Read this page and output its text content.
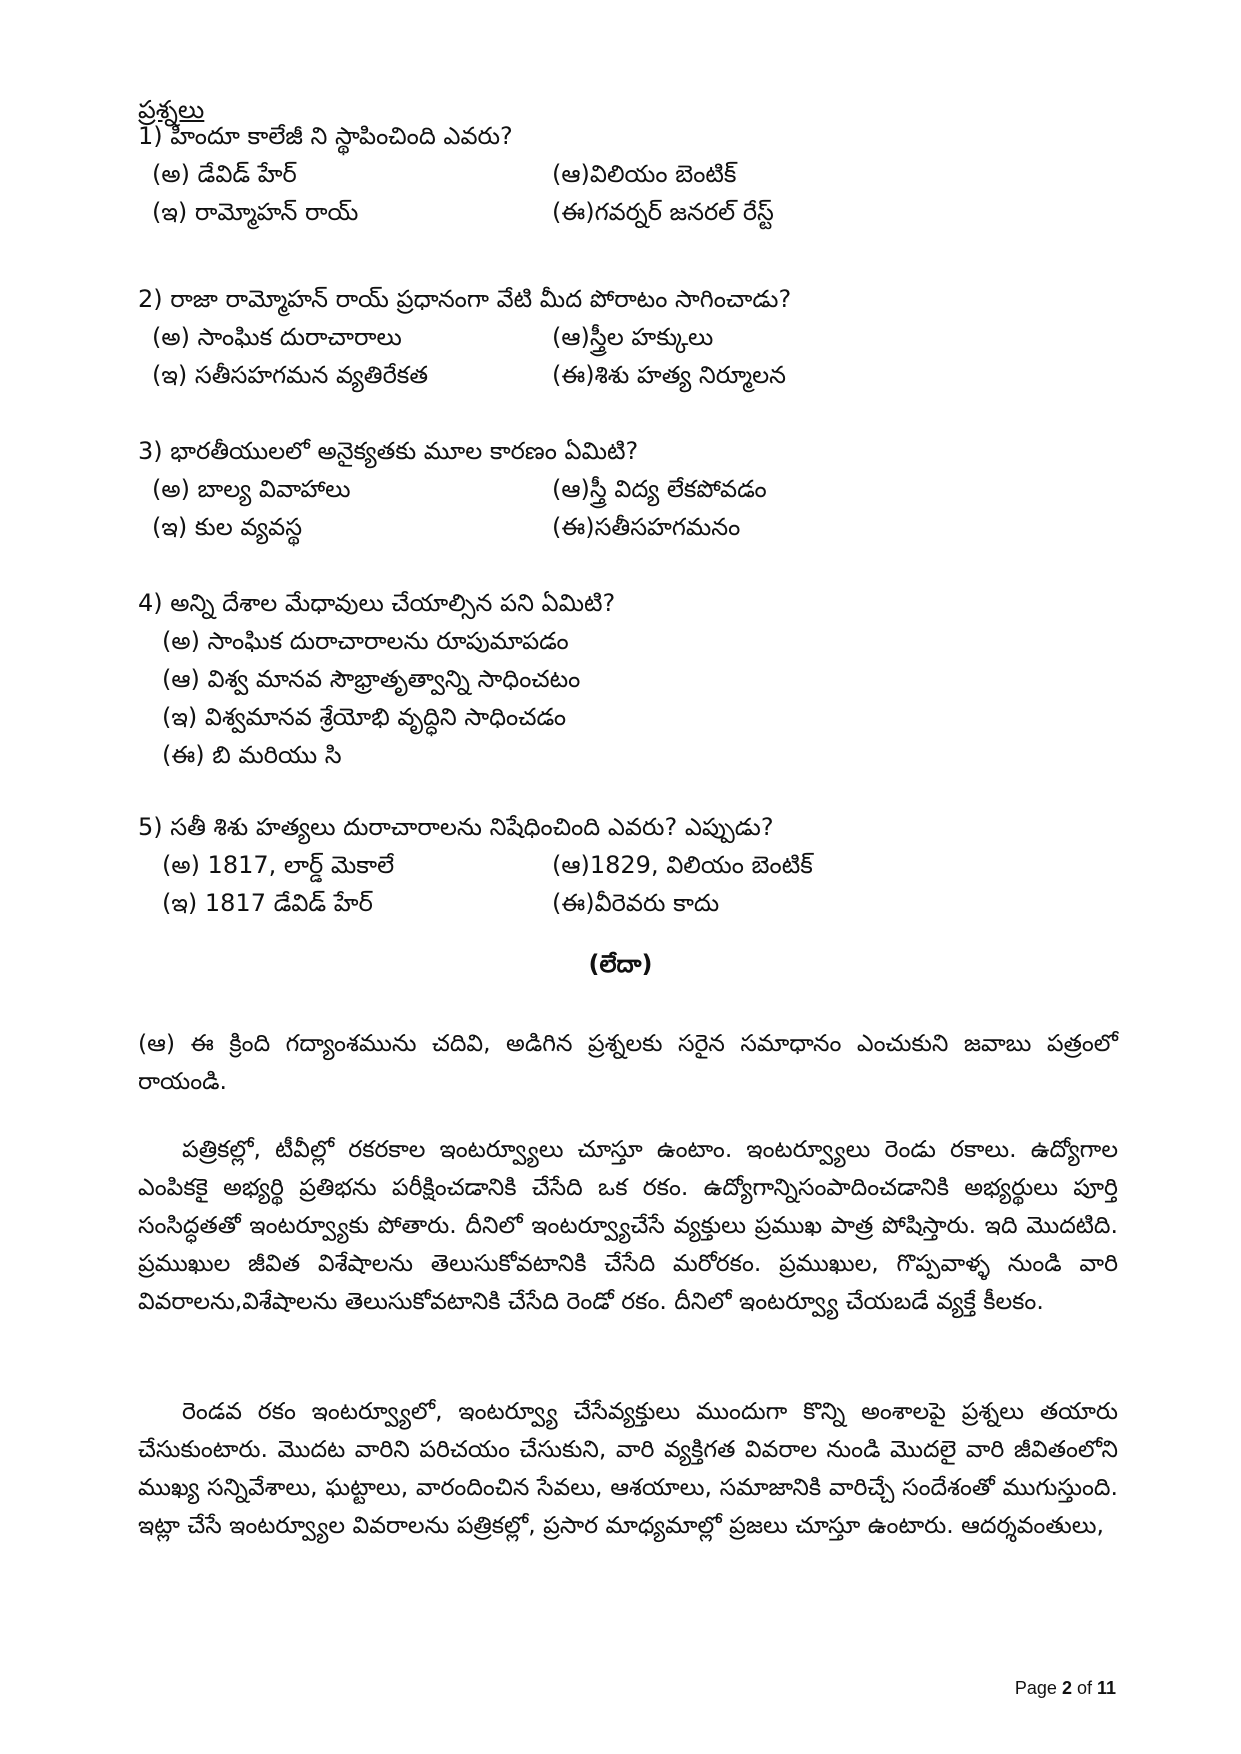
ప్రశ్నలు
1) హిందూ కాలేజీ ని స్థాపించింది ఎవరు?
(అ) డేవిడ్ హేర్	(ఆ)విలియం బెంటిక్
(ఇ) రామ్మోహన్ రాయ్	(ఈ)గవర్నర్ జనరల్ రేస్ట్
2) రాజా రామ్మోహన్ రాయ్ ప్రధానంగా వేటి మీద పోరాటం సాగించాడు?
(అ) సాంఘిక దురాచారాలు	(ఆ)స్త్రీల హక్కులు
(ఇ) సతీసహగమన వ్యతిరేకత	(ఈ)శిశు హత్య నిర్మూలన
3) భారతీయులలో అనైక్యతకు మూల కారణం ఏమిటి?
(అ) బాల్య వివాహాలు	(ఆ)స్త్రీ విద్య లేకపోవడం
(ఇ) కుల వ్యవస్థ	(ఈ)సతీసహగమనం
4) అన్ని దేశాల మేధావులు చేయాల్సిన పని ఏమిటి?
(అ) సాంఘిక దురాచారాలను రూపుమాపడం
(ఆ) విశ్వ మానవ సౌభ్రాతృత్వాన్ని సాధించటం
(ఇ) విశ్వమానవ శ్రేయోభి వృద్ధిని సాధించడం
(ఈ) బి మరియు సి
5) సతీ శిశు హత్యలు దురాచారాలను నిషేధించింది ఎవరు? ఎప్పుడు?
(అ) 1817, లార్డ్ మెకాలే	(ఆ)1829, విలియం బెంటిక్
(ఇ) 1817 డేవిడ్ హేర్	(ఈ)వీరెవరు కాదు
(లేదా)
(ఆ) ఈ క్రింది గద్యాంశమును చదివి, అడిగిన ప్రశ్నలకు సరైన సమాధానం ఎంచుకుని జవాబు పత్రంలో రాయండి.
పత్రికల్లో, టీవీల్లో రకరకాల ఇంటర్వ్యూలు చూస్తూ ఉంటాం. ఇంటర్వ్యూలు రెండు రకాలు. ఉద్యోగాల ఎంపికకై అభ్యర్థి ప్రతిభను పరీక్షించడానికి చేసేది ఒక రకం. ఉద్యోగాన్నిసంపాదించడానికి అభ్యర్థులు పూర్తి సంసిద్ధతతో ఇంటర్వ్యూకు పోతారు. దీనిలో ఇంటర్వ్యూచేసే వ్యక్తులు ప్రముఖ పాత్ర పోషిస్తారు. ఇది మొదటిది. ప్రముఖుల జీవిత విశేషాలను తెలుసుకోవటానికి చేసేది మరోరకం. ప్రముఖుల, గొప్పవాళ్ళ నుండి వారి వివరాలను,విశేషాలను తెలుసుకోవటానికి చేసేది రెండో రకం. దీనిలో ఇంటర్వ్యూ చేయబడే వ్యక్తే కీలకం.
రెండవ రకం ఇంటర్వ్యూలో, ఇంటర్వ్యూ చేసేవ్యక్తులు ముందుగా కొన్ని అంశాలపై ప్రశ్నలు తయారు చేసుకుంటారు. మొదట వారిని పరిచయం చేసుకుని, వారి వ్యక్తిగత వివరాల నుండి మొదలై వారి జీవితంలోని ముఖ్య సన్నివేశాలు, ఘట్టాలు, వారందించిన సేవలు, ఆశయాలు, సమాజానికి వారిచ్చే సందేశంతో ముగుస్తుంది. ఇట్లా చేసే ఇంటర్వ్యూల వివరాలను పత్రికల్లో, ప్రసార మాధ్యమాల్లో ప్రజలు చూస్తూ ఉంటారు. ఆదర్శవంతులు,
Page 2 of 11
